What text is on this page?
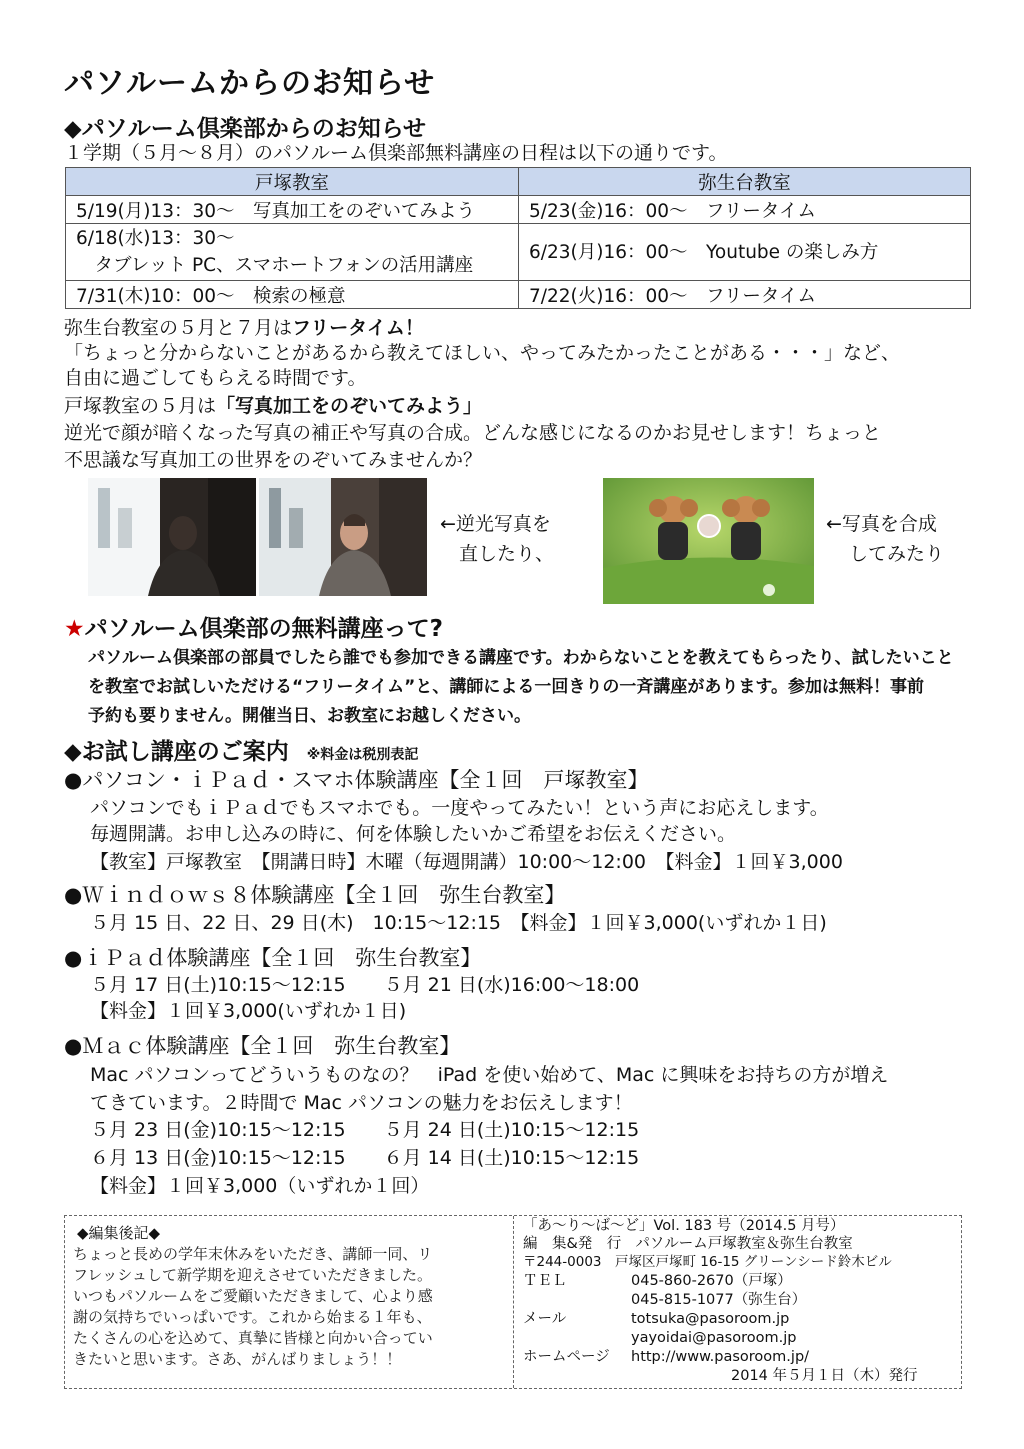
パソルームからのお知らせ
◆パソルーム倶楽部からのお知らせ
１学期（５月～８月）のパソルーム倶楽部無料講座の日程は以下の通りです。
戸塚教室	弥生台教室
5/19(月)13：30～　写真加工をのぞいてみよう	5/23(金)16：00～　フリータイム

6/18(水)13：30～
　タブレット PC、スマホートフォンの活用講座	6/23(月)16：00～　Youtube の楽しみ方
7/31(木)10：00～　検索の極意	7/22(火)16：00～　フリータイム
弥生台教室の５月と７月はフリータイム！
「ちょっと分からないことがあるから教えてほしい、やってみたかったことがある・・・」など、
自由に過ごしてもらえる時間です。
戸塚教室の５月は「写真加工をのぞいてみよう」
逆光で顔が暗くなった写真の補正や写真の合成。どんな感じになるのかお見せします！ちょっと
不思議な写真加工の世界をのぞいてみませんか？
←逆光写真を
直したり、
←写真を合成
してみたり
★パソルーム倶楽部の無料講座って?
パソルーム倶楽部の部員でしたら誰でも参加できる講座です。わからないことを教えてもらったり、試したいこと
を教室でお試しいただける“フリータイム”と、講師による一回きりの一斉講座があります。参加は無料！事前
予約も要りません。開催当日、お教室にお越しください。
◆お試し講座のご案内 ※料金は税別表記
●パソコン・ｉＰａｄ・スマホ体験講座【全１回　戸塚教室】
パソコンでもｉＰａｄでもスマホでも。一度やってみたい！という声にお応えします。
毎週開講。お申し込みの時に、何を体験したいかご希望をお伝えください。
【教室】戸塚教室　【開講日時】木曜（毎週開講）10:00～12:00　【料金】１回￥3,000
●Ｗｉｎｄｏｗｓ８体験講座【全１回　弥生台教室】
５月 15 日、22 日、29 日(木)　10:15～12:15　【料金】１回￥3,000(いずれか１日)
●ｉＰａｄ体験講座【全１回　弥生台教室】
５月 17 日(土)10:15～12:15　　５月 21 日(水)16:00～18:00
【料金】１回￥3,000(いずれか１日)
●Ｍａｃ体験講座【全１回　弥生台教室】
Mac パソコンってどういうものなの？　iPad を使い始めて、Mac に興味をお持ちの方が増え
てきています。２時間で Mac パソコンの魅力をお伝えします！
５月 23 日(金)10:15～12:15　　５月 24 日(土)10:15～12:15
６月 13 日(金)10:15～12:15　　６月 14 日(土)10:15～12:15
【料金】１回￥3,000（いずれか１回）
◆編集後記◆
ちょっと長めの学年末休みをいただき、講師一同、リ
フレッシュして新学期を迎えさせていただきました。
いつもパソルームをご愛顧いただきまして、心より感
謝の気持ちでいっぱいです。これから始まる１年も、
たくさんの心を込めて、真摯に皆様と向かい合ってい
きたいと思います。さあ、がんばりましょう！！
「あ～り～ば～ど」Vol. 183 号（2014.5 月号）
編　集&発　行 パソルーム戸塚教室＆弥生台教室
〒244-0003　戸塚区戸塚町 16-15 グリーンシード鈴木ビル
ＴＥＬ	045-860-2670（戸塚）
045-815-1077（弥生台）
メール	totsuka@pasoroom.jp
yayoidai@pasoroom.jp
ホームページ http://www.pasoroom.jp/
2014 年５月１日（木）発行
